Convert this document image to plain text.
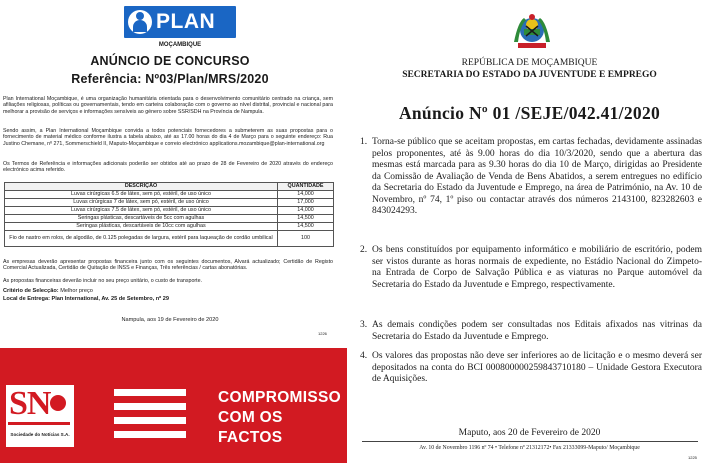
PLAN
MOÇAMBIQUE
ANÚNCIO DE CONCURSO
Referência: Nº03/Plan/MRS/2020

Plan International Moçambique, é uma organização humanitária orientada para o desenvolvimento comunitário centrado na criança, sem afiliações religiosas, políticas ou governamentais, tendo em carteira colaboração com o governo ao nível distrital, provincial e nacional para melhorar a provisão de serviços e informações sensíveis ao género sobre SSR/SDH na Província de Nampula.

Sendo assim, a Plan International Moçambique convida a todos potenciais fornecedores a submeterem as suas propostas para o fornecimento de material médico conforme ilustra a tabela abaixo, até as 17.00 horas do dia 4 de Março para o seguinte endereço: Rua Justino Chemane, nº 271, Sommerschield II, Maputo-Moçambique e correio electrónico applications.mozambique@plan-international.org

Os Termos de Referência e informações adicionais poderão ser obtidos até ao prazo de 28 de Fevereiro de 2020 através do endereço electrónico acima referido.

DESCRIÇÃO	QUANTIDADE
Luvas cirúrgicas 6.5 de látex, sem pó, estéril, de uso único	14,000
Luvas cirúrgicas 7 de látex, sem pó, estéril, de uso único	17,000
Luvas cirúrgicas 7.5 de látex, sem pó, estéril, de uso único	14,000
Seringas plásticas, descartáveis de 5cc com agulhas	14,500
Seringas plásticas, descartáveis de 10cc com agulhas	14,500
Fio de nastro em rolos, de algodão, de 0.125 polegadas de largura, estéril para laqueação de cordão umbilical	100

As empresas deverão apresentar propostas financeira junto com os seguintes documentos, Alvará actualizado; Certidão de Registo Comercial Actualizada, Certidão de Quitação de INSS e Finanças, Três referências / cartas abonatórias.

As propostas financeiras deverão incluir no seu preço unitário, o custo de transporte.

Critério de Selecção: Melhor preço
Local de Entrega: Plan International, Av. 25 de Setembro, nº 29
Nampula, aos 19 de Fevereiro de 2020
1226
SN
Sociedade do Notícias S.A.
COMPROMISSO
COM OS FACTOS
REPÚBLICA DE MOÇAMBIQUE
SECRETARIA DO ESTADO DA JUVENTUDE E EMPREGO
Anúncio Nº 01 /SEJE/042.41/2020
1. Torna-se público que se aceitam propostas, em cartas fechadas, devidamente assinadas pelos proponentes, até às 9.00 horas do dia 10/3/2020, sendo que a abertura das mesmas está marcada para as 9.30 horas do dia 10 de Março, dirigidas ao Presidente da Comissão de Avaliação de Venda de Bens Abatidos, a serem entregues no edifício da Secretaria do Estado da Juventude e Emprego, na área de Património, na Av. 10 de Novembro, nº 74, 1º piso ou contactar através dos números 2143100, 823282603 e 843024293.
2. Os bens constituídos por equipamento informático e mobiliário de escritório, podem ser vistos durante as horas normais de expediente, no Estádio Nacional do Zimpeto- na Entrada de Corpo de Salvação Pública e as viaturas no Parque automóvel da Secretaria do Estado da Juventude e Emprego, respectivamente.
3. As demais condições podem ser consultadas nos Editais afixados nas vitrinas da Secretaria do Estado da Juventude e Emprego.
4. Os valores das propostas não deve ser inferiores ao de licitação e o mesmo deverá ser depositados na conta do BCI 000800000259843710180 – Unidade Gestora Executora de Aquisições.
Maputo, aos 20 de Fevereiro de 2020
Av. 10 de Novembro 1196 nº 74 • Telefone nº 21312172• Fax 21333099-Maputo/ Moçambique
1225
